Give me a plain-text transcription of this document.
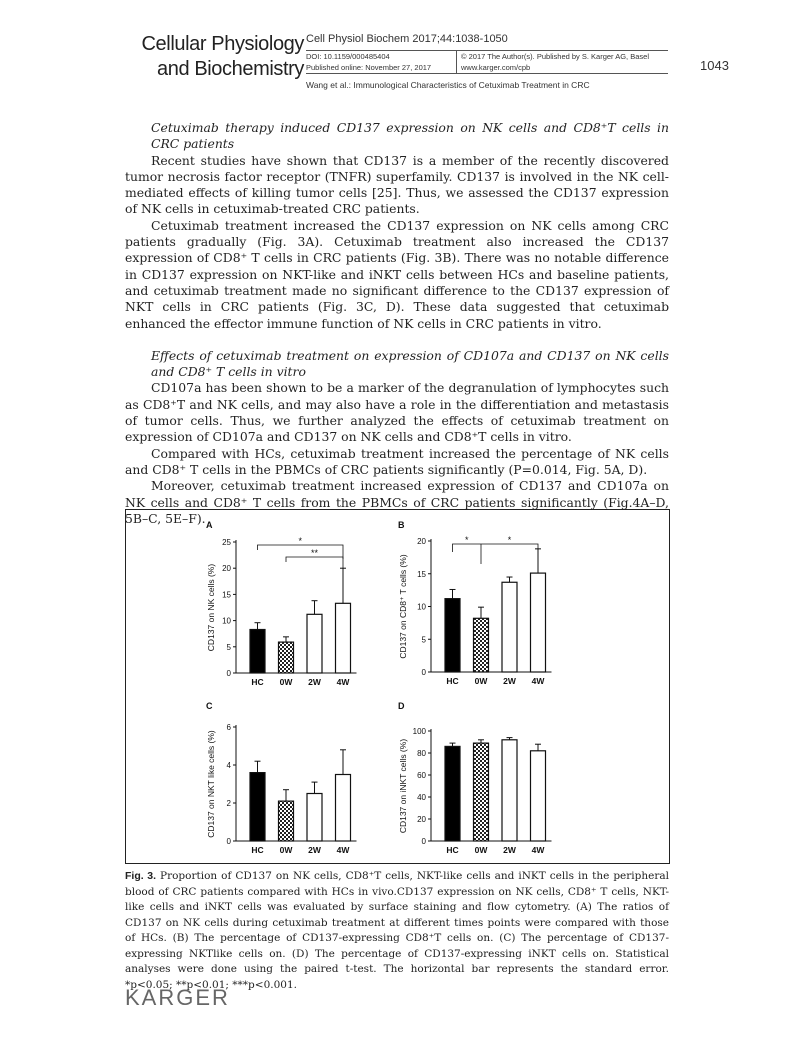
Cellular Physiology
and Biochemistry
Cell Physiol Biochem 2017;44:1038-1050
DOI: 10.1159/000485404	© 2017 The Author(s). Published by S. Karger AG, Basel
Published online: November 27, 2017	www.karger.com/cpb
Wang et al.: Immunological Characteristics of Cetuximab Treatment in CRC
1043

Cetuximab therapy induced CD137 expression on NK cells and CD8⁺T cells in CRC patients

Recent studies have shown that CD137 is a member of the recently discovered tumor necrosis factor receptor (TNFR) superfamily. CD137 is involved in the NK cell-mediated effects of killing tumor cells [25]. Thus, we assessed the CD137 expression of NK cells in cetuximab-treated CRC patients.

Cetuximab treatment increased the CD137 expression on NK cells among CRC patients gradually (Fig. 3A). Cetuximab treatment also increased the CD137 expression of CD8⁺ T cells in CRC patients (Fig. 3B). There was no notable difference in CD137 expression on NKT-like and iNKT cells between HCs and baseline patients, and cetuximab treatment made no significant difference to the CD137 expression of NKT cells in CRC patients (Fig. 3C, D). These data suggested that cetuximab enhanced the effector immune function of NK cells in CRC patients in vitro.

Effects of cetuximab treatment on expression of CD107a and CD137 on NK cells and CD8⁺ T cells in vitro

CD107a has been shown to be a marker of the degranulation of lymphocytes such as CD8⁺T and NK cells, and may also have a role in the differentiation and metastasis of tumor cells. Thus, we further analyzed the effects of cetuximab treatment on expression of CD107a and CD137 on NK cells and CD8⁺T cells in vitro.

Compared with HCs, cetuximab treatment increased the percentage of NK cells and CD8⁺ T cells in the PBMCs of CRC patients significantly (P=0.014, Fig. 5A, D).

Moreover, cetuximab treatment increased expression of CD137 and CD107a on NK cells and CD8⁺ T cells from the PBMCs of CRC patients significantly (Fig.4A–D, 5B–C, 5E–F). A
0
5
10
15
20
25
CD137 on NK cells (%)
HC 0W 2W 4W
*
**
B
0
5
10
15
20
CD137 on CD8⁺ T cells (%)
HC 0W 2W 4W
*	*
C
0
2
4
6
CD137 on NKT like cells (%)
HC 0W 2W 4W
D
0
20
40
60
80
100
CD137 on iNKT cells (%)
HC 0W 2W 4W
Fig. 3. Proportion of CD137 on NK cells, CD8⁺T cells, NKT-like cells and iNKT cells in the peripheral blood of CRC patients compared with HCs in vivo.CD137 expression on NK cells, CD8⁺ T cells, NKT-like cells and iNKT cells was evaluated by surface staining and flow cytometry. (A) The ratios of CD137 on NK cells during cetuximab treatment at different times points were compared with those of HCs. (B) The percentage of CD137-expressing CD8⁺T cells on. (C) The percentage of CD137-expressing NKTlike cells on. (D) The percentage of CD137-expressing iNKT cells on. Statistical analyses were done using the paired t-test. The horizontal bar represents the standard error. *p<0.05; **p<0.01; ***p<0.001.
KARGER
